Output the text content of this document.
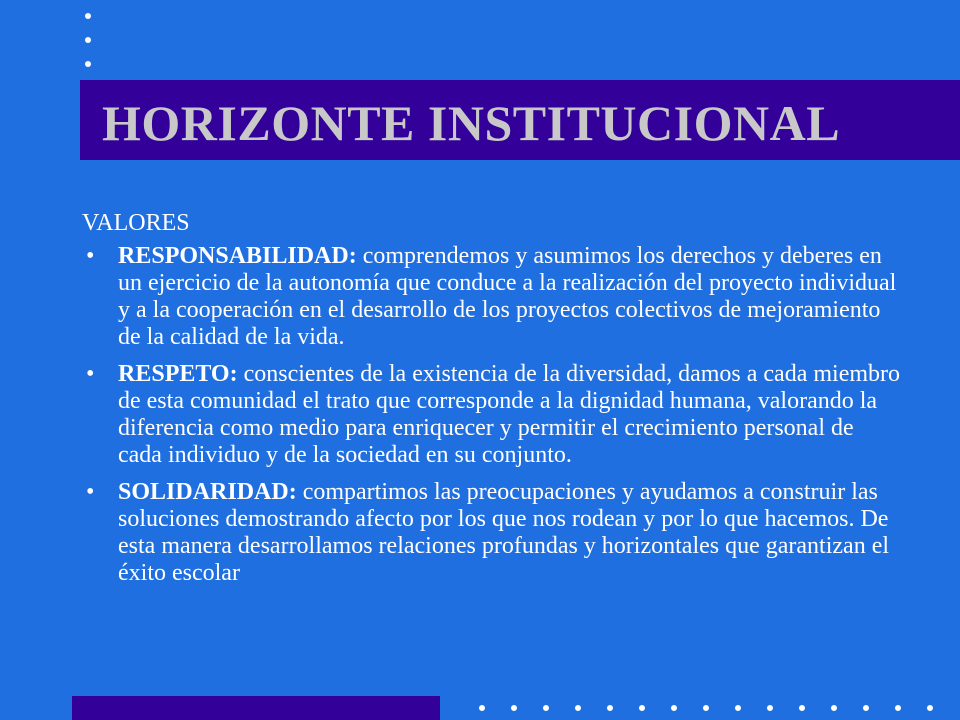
HORIZONTE INSTITUCIONAL

VALORES

• RESPONSABILIDAD: comprendemos y asumimos los derechos y deberes en un ejercicio de la autonomía que conduce a la realización del proyecto individual y a la cooperación en el desarrollo de los proyectos colectivos de mejoramiento de la calidad de la vida.
• RESPETO: conscientes de la existencia de la diversidad, damos a cada miembro de esta comunidad el trato que corresponde a la dignidad humana, valorando la diferencia como medio para enriquecer y permitir el crecimiento personal de cada individuo y de la sociedad en su conjunto.
• SOLIDARIDAD: compartimos las preocupaciones y ayudamos a construir las soluciones demostrando afecto por los que nos rodean y por lo que hacemos. De esta manera desarrollamos relaciones profundas y horizontales que garantizan el éxito escolar
